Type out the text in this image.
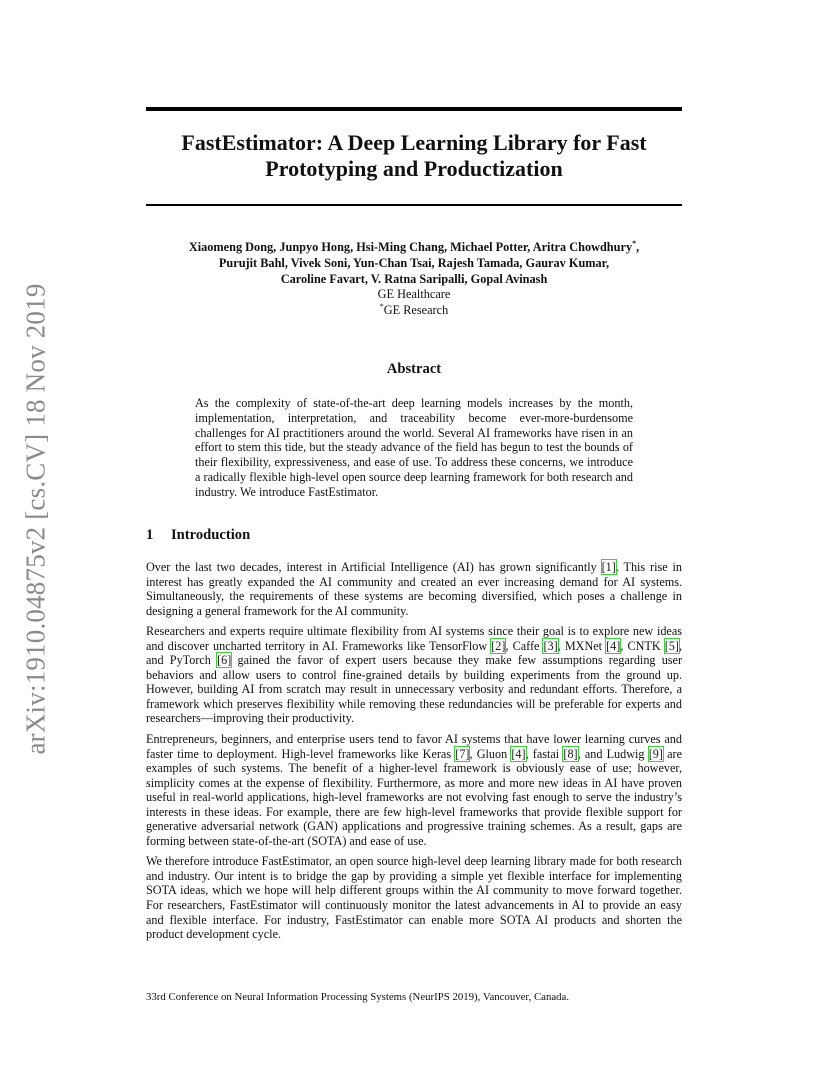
arXiv:1910.04875v2 [cs.CV] 18 Nov 2019
FastEstimator: A Deep Learning Library for Fast
Prototyping and Productization
Xiaomeng Dong, Junpyo Hong, Hsi-Ming Chang, Michael Potter, Aritra Chowdhury*,
Purujit Bahl, Vivek Soni, Yun-Chan Tsai, Rajesh Tamada, Gaurav Kumar,
Caroline Favart, V. Ratna Saripalli, Gopal Avinash
GE Healthcare
*GE Research
Abstract

As the complexity of state-of-the-art deep learning models increases by the month, implementation, interpretation, and traceability become ever-more-burdensome challenges for AI practitioners around the world. Several AI frameworks have risen in an effort to stem this tide, but the steady advance of the field has begun to test the bounds of their flexibility, expressiveness, and ease of use. To address these concerns, we introduce a radically flexible high-level open source deep learning framework for both research and industry. We introduce FastEstimator.

1 Introduction

Over the last two decades, interest in Artificial Intelligence (AI) has grown significantly [1]. This rise in interest has greatly expanded the AI community and created an ever increasing demand for AI systems. Simultaneously, the requirements of these systems are becoming diversified, which poses a challenge in designing a general framework for the AI community.

Researchers and experts require ultimate flexibility from AI systems since their goal is to explore new ideas and discover uncharted territory in AI. Frameworks like TensorFlow [2], Caffe [3], MXNet [4], CNTK [5], and PyTorch [6] gained the favor of expert users because they make few assumptions regarding user behaviors and allow users to control fine-grained details by building experiments from the ground up. However, building AI from scratch may result in unnecessary verbosity and redundant efforts. Therefore, a framework which preserves flexibility while removing these redundancies will be preferable for experts and researchers—improving their productivity.

Entrepreneurs, beginners, and enterprise users tend to favor AI systems that have lower learning curves and faster time to deployment. High-level frameworks like Keras [7], Gluon [4], fastai [8], and Ludwig [9] are examples of such systems. The benefit of a higher-level framework is obviously ease of use; however, simplicity comes at the expense of flexibility. Furthermore, as more and more new ideas in AI have proven useful in real-world applications, high-level frameworks are not evolving fast enough to serve the industry’s interests in these ideas. For example, there are few high-level frameworks that provide flexible support for generative adversarial network (GAN) applications and progressive training schemes. As a result, gaps are forming between state-of-the-art (SOTA) and ease of use.

We therefore introduce FastEstimator, an open source high-level deep learning library made for both research and industry. Our intent is to bridge the gap by providing a simple yet flexible interface for implementing SOTA ideas, which we hope will help different groups within the AI community to move forward together. For researchers, FastEstimator will continuously monitor the latest advancements in AI to provide an easy and flexible interface. For industry, FastEstimator can enable more SOTA AI products and shorten the product development cycle.

33rd Conference on Neural Information Processing Systems (NeurIPS 2019), Vancouver, Canada.
